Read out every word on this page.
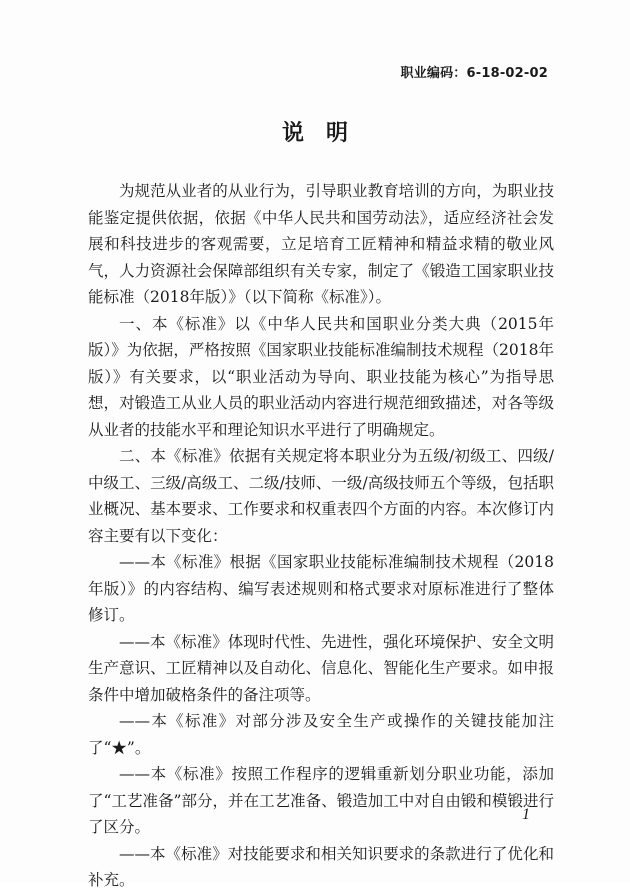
职业编码：6-18-02-02
说明

为规范从业者的从业行为，引导职业教育培训的方向，为职业技能鉴定提供依据，依据《中华人民共和国劳动法》，适应经济社会发展和科技进步的客观需要，立足培育工匠精神和精益求精的敬业风气，人力资源社会保障部组织有关专家，制定了《锻造工国家职业技能标准（2018年版）》（以下简称《标准》）。

一、本《标准》以《中华人民共和国职业分类大典（2015年版）》为依据，严格按照《国家职业技能标准编制技术规程（2018年版）》有关要求，以“职业活动为导向、职业技能为核心”为指导思想，对锻造工从业人员的职业活动内容进行规范细致描述，对各等级从业者的技能水平和理论知识水平进行了明确规定。

二、本《标准》依据有关规定将本职业分为五级/初级工、四级/中级工、三级/高级工、二级/技师、一级/高级技师五个等级，包括职业概况、基本要求、工作要求和权重表四个方面的内容。本次修订内容主要有以下变化：

——本《标准》根据《国家职业技能标准编制技术规程（2018年版）》的内容结构、编写表述规则和格式要求对原标准进行了整体修订。

——本《标准》体现时代性、先进性，强化环境保护、安全文明生产意识、工匠精神以及自动化、信息化、智能化生产要求。如申报条件中增加破格条件的备注项等。

——本《标准》对部分涉及安全生产或操作的关键技能加注了“★”。

——本《标准》按照工作程序的逻辑重新划分职业功能，添加了“工艺准备”部分，并在工艺准备、锻造加工中对自由锻和模锻进行了区分。

——本《标准》对技能要求和相关知识要求的条款进行了优化和补充。

1
